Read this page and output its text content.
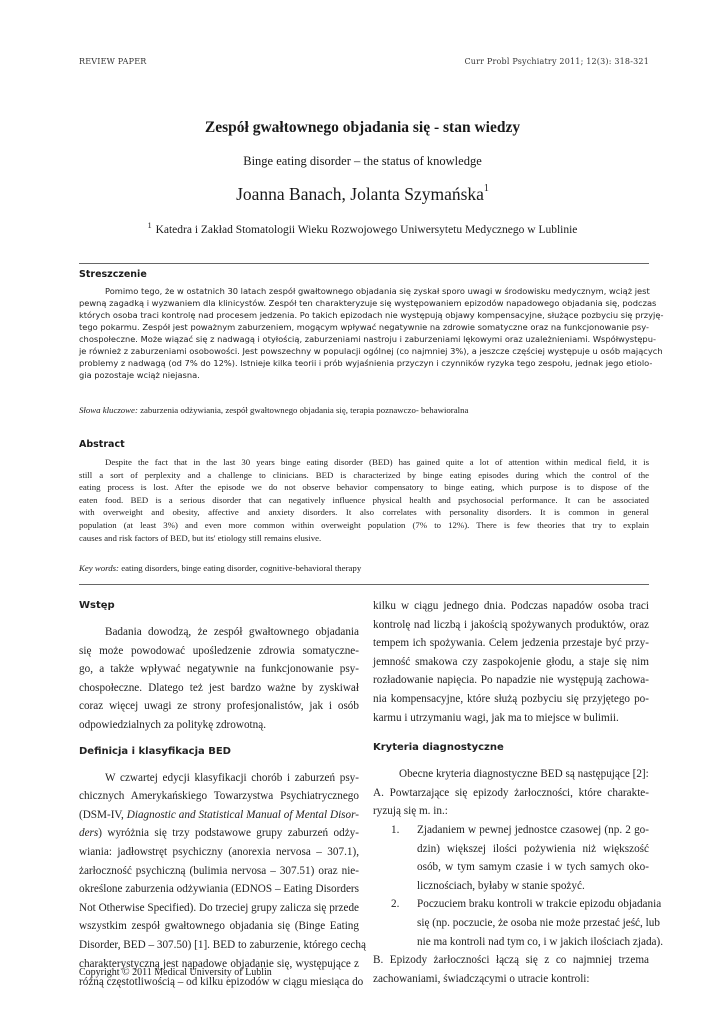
REVIEW PAPER	Curr Probl Psychiatry 2011; 12(3): 318-321
Zespół gwałtownego objadania się - stan wiedzy
Binge eating disorder – the status of knowledge
Joanna Banach, Jolanta Szymańska$^1$
$^1$ Katedra i Zakład Stomatologii Wieku Rozwojowego Uniwersytetu Medycznego w Lublinie
Streszczenie
Pomimo tego, że w ostatnich 30 latach zespół gwałtownego objadania się zyskał sporo uwagi w środowisku medycznym, wciąż jest
pewną zagadką i wyzwaniem dla klinicystów. Zespół ten charakteryzuje się występowaniem epizodów napadowego objadania się, podczas
których osoba traci kontrolę nad procesem jedzenia. Po takich epizodach nie występują objawy kompensacyjne, służące pozbyciu się przyję-
tego pokarmu. Zespół jest poważnym zaburzeniem, mogącym wpływać negatywnie na zdrowie somatyczne oraz na funkcjonowanie psy-
chospołeczne. Może wiązać się z nadwagą i otyłością, zaburzeniami nastroju i zaburzeniami lękowymi oraz uzależnieniami. Współwystępu-
je również z zaburzeniami osobowości. Jest powszechny w populacji ogólnej (co najmniej 3%), a jeszcze częściej występuje u osób mających
problemy z nadwagą (od 7% do 12%). Istnieje kilka teorii i prób wyjaśnienia przyczyn i czynników ryzyka tego zespołu, jednak jego etiolo-
gia pozostaje wciąż niejasna.
Słowa kluczowe: zaburzenia odżywiania, zespół gwałtownego objadania się, terapia poznawczo- behawioralna
Abstract
Despite the fact that in the last 30 years binge eating disorder (BED) has gained quite a lot of attention within medical field, it is
still a sort of perplexity and a challenge to clinicians. BED is characterized by binge eating episodes during which the control of the
eating process is lost. After the episode we do not observe behavior compensatory to binge eating, which purpose is to dispose of the
eaten food. BED is a serious disorder that can negatively influence physical health and psychosocial performance. It can be associated
with overweight and obesity, affective and anxiety disorders. It also correlates with personality disorders. It is common in general
population (at least 3%) and even more common within overweight population (7% to 12%). There is few theories that try to explain
causes and risk factors of BED, but its' etiology still remains elusive.
Key words: eating disorders, binge eating disorder, cognitive-behavioral therapy
Wstęp
Badania dowodzą, że zespół gwałtownego objadania
się może powodować upośledzenie zdrowia somatyczne-
go, a także wpływać negatywnie na funkcjonowanie psy-
chospołeczne. Dlatego też jest bardzo ważne by zyskiwał
coraz więcej uwagi ze strony profesjonalistów, jak i osób
odpowiedzialnych za politykę zdrowotną.
Definicja i klasyfikacja BED
W czwartej edycji klasyfikacji chorób i zaburzeń psy-
chicznych Amerykańskiego Towarzystwa Psychiatrycznego
(DSM-IV, Diagnostic and Statistical Manual of Mental Disor-
ders) wyróżnia się trzy podstawowe grupy zaburzeń odży-
wiania: jadłowstręt psychiczny (anorexia nervosa – 307.1),
żarłoczność psychiczną (bulimia nervosa – 307.51) oraz nie-
określone zaburzenia odżywiania (EDNOS – Eating Disorders
Not Otherwise Specified). Do trzeciej grupy zalicza się przede
wszystkim zespół gwałtownego objadania się (Binge Eating
Disorder, BED – 307.50) [1]. BED to zaburzenie, którego cechą
charakterystyczną jest napadowe objadanie się, występujące z
różną częstotliwością – od kilku epizodów w ciągu miesiąca do
kilku w ciągu jednego dnia. Podczas napadów osoba traci
kontrolę nad liczbą i jakością spożywanych produktów, oraz
tempem ich spożywania. Celem jedzenia przestaje być przy-
jemność smakowa czy zaspokojenie głodu, a staje się nim
rozładowanie napięcia. Po napadzie nie występują zachowa-
nia kompensacyjne, które służą pozbyciu się przyjętego po-
karmu i utrzymaniu wagi, jak ma to miejsce w bulimii.
Kryteria diagnostyczne
Obecne kryteria diagnostyczne BED są następujące [2]:
A. Powtarzające się epizody żarłoczności, które charakte-
ryzują się m. in.:
1. Zjadaniem w pewnej jednostce czasowej (np. 2 go-
dzin) większej ilości pożywienia niż większość
osób, w tym samym czasie i w tych samych oko-
licznościach, byłaby w stanie spożyć.
2. Poczuciem braku kontroli w trakcie epizodu objadania
się (np. poczucie, że osoba nie może przestać jeść, lub
nie ma kontroli nad tym co, i w jakich ilościach zjada).
B. Epizody żarłoczności łączą się z co najmniej trzema
zachowaniami, świadczącymi o utracie kontroli:
Copyright © 2011 Medical University of Lublin
